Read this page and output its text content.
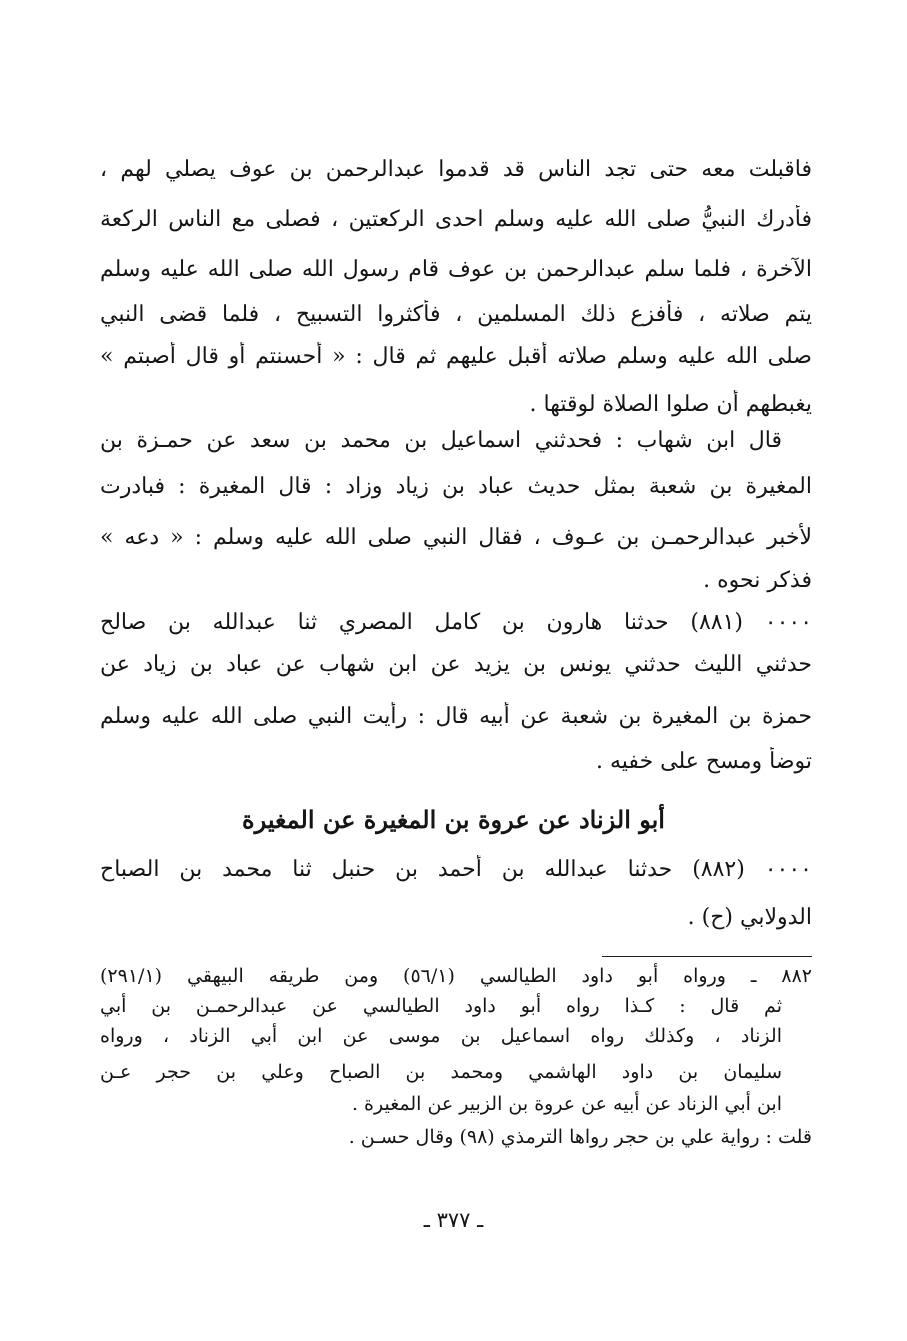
فاقبلت معه حتى تجد الناس قد قدموا عبدالرحمن بن عوف يصلي لهم ،
فأدرك النبيُّ صلى الله عليه وسلم احدى الركعتين ، فصلى مع الناس الركعة
الآخرة ، فلما سلم عبدالرحمن بن عوف قام رسول الله صلى الله عليه وسلم
يتم صلاته ، فأفزع ذلك المسلمين ، فأكثروا التسبيح ، فلما قضى النبي
صلى الله عليه وسلم صلاته أقبل عليهم ثم قال : « أحسنتم أو قال أصبتم »
يغبطهم أن صلوا الصلاة لوقتها .
قال ابن شهاب : فحدثني اسماعيل بن محمد بن سعد عن حمـزة بن
المغيرة بن شعبة بمثل حديث عباد بن زياد وزاد : قال المغيرة : فبادرت
لأخبر عبدالرحمـن بن عـوف ، فقال النبي صلى الله عليه وسلم : « دعه »
فذكر نحوه .
٠٠٠٠ (٨٨١) حدثنا هارون بن كامل المصري ثنا عبدالله بن صالح
حدثني الليث حدثني يونس بن يزيد عن ابن شهاب عن عباد بن زياد عن
حمزة بن المغيرة بن شعبة عن أبيه قال : رأيت النبي صلى الله عليه وسلم
توضأ ومسح على خفيه .
أبو الزناد عن عروة بن المغيرة عن المغيرة
٠٠٠٠ (٨٨٢) حدثنا عبدالله بن أحمد بن حنبل ثنا محمد بن الصباح
الدولابي (ح) .
٨٨٢ ـ ورواه أبو داود الطيالسي (٥٦/١) ومن طريقه البيهقي (٢٩١/١)
ثم قال : كـذا رواه أبو داود الطيالسي عن عبدالرحمـن بن أبي
الزناد ، وكذلك رواه اسماعيل بن موسى عن ابن أبي الزناد ، ورواه
سليمان بن داود الهاشمي ومحمد بن الصباح وعلي بن حجر عـن
ابن أبي الزناد عن أبيه عن عروة بن الزبير عن المغيرة .
قلت : رواية علي بن حجر رواها الترمذي (٩٨) وقال حسـن .
ـ ٣٧٧ ـ
